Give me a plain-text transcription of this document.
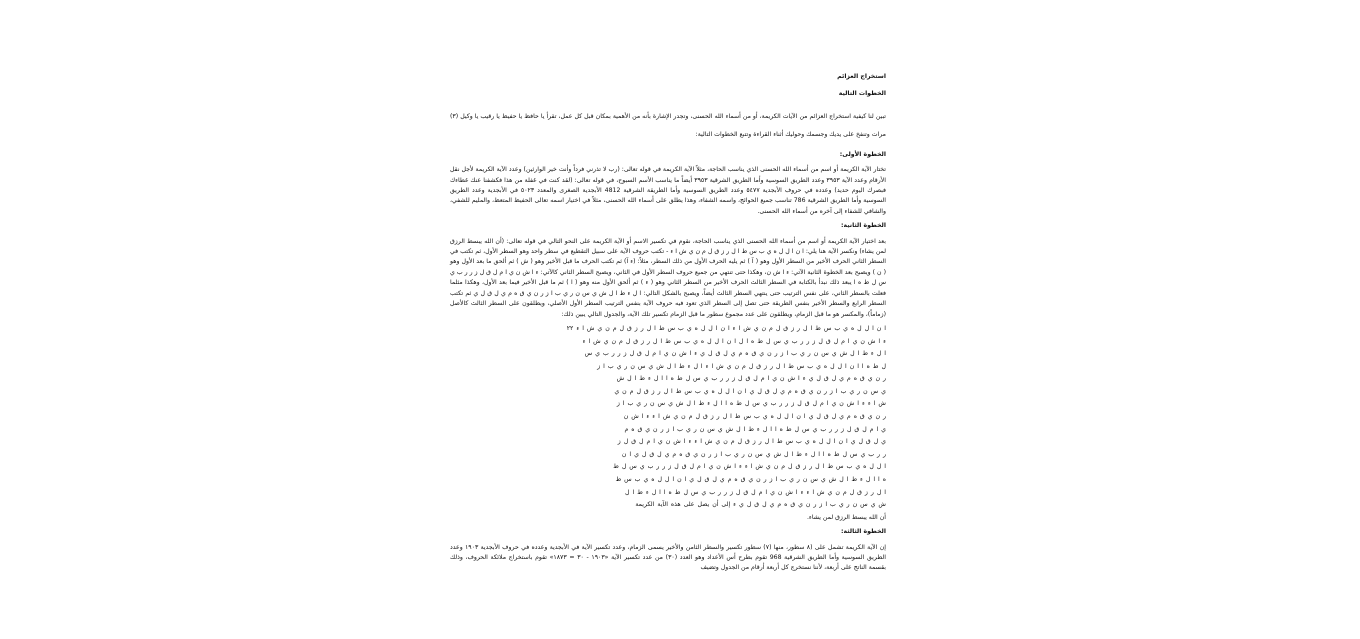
استخراج العزائم
الخطوات التالية
تبين لنا كيفية استخراج العزائم من الآيات الكريمة، أو من أسماء الله الحسنى، وتجدر الإشارة بأنه من الأهمية بمكان قبل كل عمل، تقرأ يا حافظ يا حفيظ يا رقيب يا وكيل (٣) مرات وتنفخ على يديك وجسمك وحوليك أثناء القراءة وتتبع الخطوات التالية:
الخطوة الأولى:
تختار الآية الكريمة أو اسم من أسماء الله الحسنى الذي يناسب الحاجة، مثلاً الآية الكريمة في قوله تعالى: (رب لا تذرني فرداً وأنت خير الوارثين) وعدد الآية الكريمة لأجل نقل الأرقام وعدد الآية ٣٩٥٣ وعدد الطريق السوسية وأما الطريق الشرقية ٣٩٥٣ أيضاً ما يناسب الأسم السبوح، في قوله تعالى: (لقد كنت في غفلة من هذا فكشفنا عنك غطاءك فبصرك اليوم حديد) وعدده في حروف الأبجدية ٥٤٧٧ وعدد الطريق السوسية وأما الطريقة الشرقية 4812 الأبجدية الصغرى والمعدد ٥٠٢٣ في الأبجدية وعدد الطريق السوسية وأما الطريق الشرقية 786 تناسب جميع الحوائج، واسمه الشفاء، وهذا يطلق على أسماء الله الحسنى، مثلاً في اختيار اسمه تعالى الحفيظ المتعظ، والمليم للشفي، والشافي للشفاء إلى آخره من أسماء الله الحسنى.
الخطوة الثانية:
بعد اختيار الآية الكريمة أو اسم من أسماء الله الحسنى الذي يناسب الحاجة، نقوم في تكسير الاسم أو الآية الكريمة على النحو التالي في قوله تعالى: (أن الله يبسط الرزق لمن يشاء) ونكسر الآية هنا يلي: ا ن ا ل ل ه ي ب س ط ا ل ر ز ق ل م ن ي ش ا ء - تكتب حروف الآية على سبيل التقطيع في سطر واحد وهو السطر الأول، ثم تكتب في السطر الثاني الحرف الأخير من السطر الأول وهو ( آ ) ثم يليه الحرف الأول من ذلك السطر، مثلاً: (ء آ) ثم تكتب الحرف ما قبل الأخير وهو ( ش ) ثم ألحق ما بعد الأول وهو ( ن ) ويصبح بعد الخطوة الثانية الآتي: ء ا ش ن، وهكذا حتى تنتهي من جميع حروف السطر الأول في الثاني، ويصبح السطر الثاني كالآتي: ء ا ش ن ي ا م ل ق ل ز ر ر ب ي س ل ط ه ا يبعد ذلك نبدأ بالكتابة في السطر الثالث الحرف الأخير من السطر الثاني وهو ( ء ) ثم ألحق الأول منه وهو ( ا ) ثم ما قبل الأخير فيما بعد الأول، وهكذا مثلما فعلت بالسطر الثاني، على نفس الترتيب حتى ينتهي السطر الثالث أيضاً، ويصبح بالشكل التالي: ا ل ء ط ا ل ش ي س ن ر ي ب ا ز ر ن ي ق ه م ي ل ق ل ي ثم تكتب السطر الرابع والسطر الأخير بنفس الطريقة حتى تصل إلى السطر الذي تعود فيه حروف الآية بنفس الترتيب السطر الأول الأصلي، ويطلقون على السطر الثالث كالأصل (زماماً)، والمكسر هو ما قبل الزمام، ويطلقون على عدد مجموع سطور ما قبل الزمام تكسير تلك الآية، والجدول التالي يبين ذلك:
ا ن ا ل ل ه ي ب س ط ا ل ر ز ق ل م ن ي ش ا ء ا ن ا ل ل ه ي ب س ط ا ل ر ز ق ل م ن ي ش ا ء ٢٢
ء ا ش ن ي ا م ل ق ل ز ر ر ب ي س ل ط ه ا ل ا ن ا ل ل ه ي ب س ط ا ل ر ز ق ل م ن ي ش ا ء
ا ل ء ط ا ل ش ي س ن ر ي ب ا ز ر ن ي ق ه م ي ل ق ل ي ء ا ش ن ي ا م ل ق ل ز ر ر ب ي س
ل ط ه ا ا ن ا ل ل ه ي ب س ط ا ل ر ز ق ل م ن ي ش ا ء ا ل ء ط ا ل ش ي س ن ر ي ب ا ز
ر ن ي ق ه م ي ل ق ل ي ء ا ش ن ي ا م ل ق ل ز ر ر ب ي س ل ط ه ا ا ل ء ط ا ل ش
ي س ن ر ي ب ا ز ر ن ي ق ه م ي ل ق ل ي ا ن ا ل ل ه ي ب س ط ا ل ر ز ق ل م ن ي
ش ا ء ء ا ش ن ي ا م ل ق ل ز ر ر ب ي س ل ط ه ا ا ل ء ط ا ل ش ي س ن ر ي ب ا ز
ر ن ي ق ه م ي ل ق ل ي ا ن ا ل ل ه ي ب س ط ا ل ر ز ق ل م ن ي ش ا ء ء ا ش ن
ي ا م ل ق ل ز ر ر ب ي س ل ط ه ا ا ل ء ط ا ل ش ي س ن ر ي ب ا ز ر ن ي ق ه م
ي ل ق ل ي ا ن ا ل ل ه ي ب س ط ا ل ر ز ق ل م ن ي ش ا ء ء ا ش ن ي ا م ل ق ل ز
ر ر ب ي س ل ط ه ا ا ل ء ط ا ل ش ي س ن ر ي ب ا ز ر ن ي ق ه م ي ل ق ل ي ا ن
ا ل ل ه ي ب س ط ا ل ر ز ق ل م ن ي ش ا ء ء ا ش ن ي ا م ل ق ل ز ر ر ب ي س ل ط
ه ا ا ل ء ط ا ل ش ي س ن ر ي ب ا ز ر ن ي ق ه م ي ل ق ل ي ا ن ا ل ل ه ي ب س ط
ا ل ر ز ق ل م ن ي ش ا ء ء ا ش ن ي ا م ل ق ل ز ر ر ب ي س ل ط ه ا ا ل ء ط ا ل
ش ي س ن ر ي ب ا ز ر ن ي ق ه م ي ل ق ل ي ء إلى أن يصل على هذه الآية الكريمة
أن الله يبسط الرزق لمن يشاء.
الخطوة الثالثة:
إن الآية الكريمة تشمل على (٨ سطور، منها (٧) سطور تكسير والسطر الثامن والأخير يسمى الزمام، وعدد تكسير الآية في الأبجدية وعدده في حروف الأبجدية ١٩٠٣ وعدد الطريق السوسية وأما الطريق الشرقية 968 تقوم بطرح أس الأعداد وهو العدد (٣٠) من عدد تكسير الآية «١٩٠٣ - ٣٠ = ١٨٧٣» تقوم باستخراج ملائكة الحروف، وذلك بقسمة الناتج على أربعة، لأننا نستخرج كل أربعة أرقام من الجدول وتضيف
